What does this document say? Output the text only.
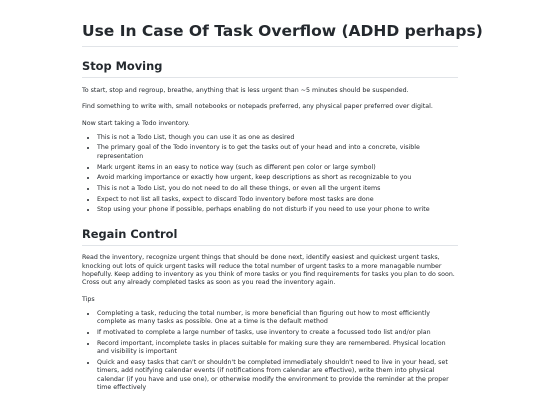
Use In Case Of Task Overflow (ADHD perhaps)
Stop Moving

To start, stop and regroup, breathe, anything that is less urgent than ~5 minutes should be suspended.

Find something to write with, small notebooks or notepads preferred, any physical paper preferred over digital.

Now start taking a Todo inventory.

• This is not a Todo List, though you can use it as one as desired
• The primary goal of the Todo inventory is to get the tasks out of your head and into a concrete, visible representation
• Mark urgent items in an easy to notice way (such as different pen color or large symbol)
• Avoid marking importance or exactly how urgent, keep descriptions as short as recognizable to you
• This is not a Todo List, you do not need to do all these things, or even all the urgent items
• Expect to not list all tasks, expect to discard Todo inventory before most tasks are done
• Stop using your phone if possible, perhaps enabling do not disturb if you need to use your phone to write
Regain Control

Read the inventory, recognize urgent things that should be done next, identify easiest and quickest urgent tasks, knocking out lots of quick urgent tasks will reduce the total number of urgent tasks to a more managable number hopefully. Keep adding to inventory as you think of more tasks or you find requirements for tasks you plan to do soon. Cross out any already completed tasks as soon as you read the inventory again.

Tips

• Completing a task, reducing the total number, is more beneficial than figuring out how to most efficiently complete as many tasks as possible. One at a time is the default method
• If motivated to complete a large number of tasks, use inventory to create a focussed todo list and/or plan
• Record important, incomplete tasks in places suitable for making sure they are remembered. Physical location and visibility is important
• Quick and easy tasks that can't or shouldn't be completed immediately shouldn't need to live in your head, set timers, add notifying calendar events (if notifications from calendar are effective), write them into physical calendar (if you have and use one), or otherwise modify the environment to provide the reminder at the proper time effectively
